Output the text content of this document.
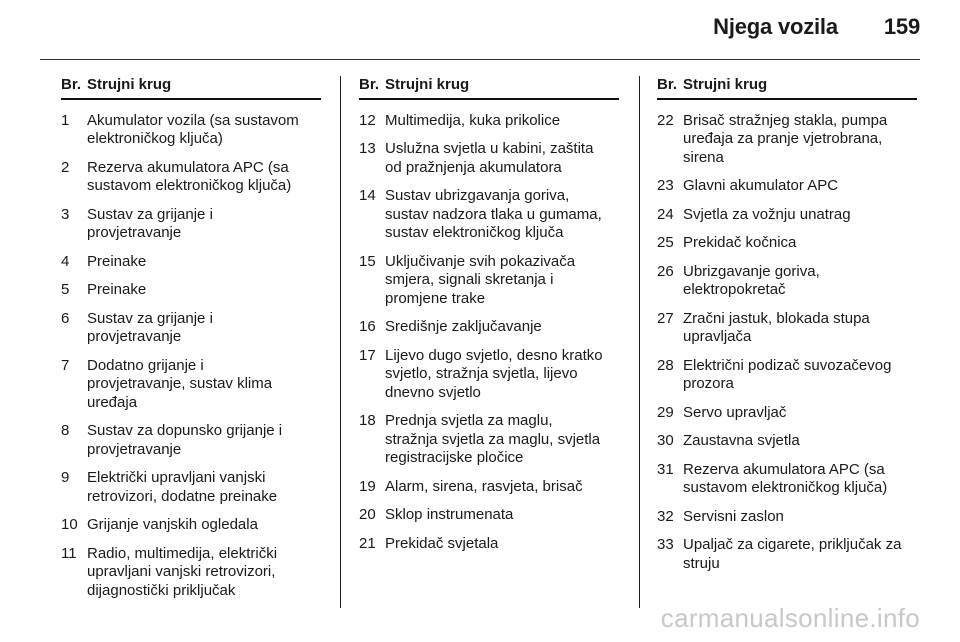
Njega vozila 159
Br. Strujni krug
1	Akumulator vozila (sa sustavom
elektroničkog ključa)
2	Rezerva akumulatora APC (sa
sustavom elektroničkog ključa)
3	Sustav za grijanje i
provjetravanje
4	Preinake
5	Preinake
6	Sustav za grijanje i
provjetravanje
7	Dodatno grijanje i
provjetravanje, sustav klima
uređaja
8	Sustav za dopunsko grijanje i
provjetravanje
9	Električki upravljani vanjski
retrovizori, dodatne preinake
10 Grijanje vanjskih ogledala
11 Radio, multimedija, električki
upravljani vanjski retrovizori,
dijagnostički priključak
Br. Strujni krug
12 Multimedija, kuka prikolice
13 Uslužna svjetla u kabini, zaštita
od pražnjenja akumulatora
14 Sustav ubrizgavanja goriva,
sustav nadzora tlaka u gumama,
sustav elektroničkog ključa
15 Uključivanje svih pokazivača
smjera, signali skretanja i
promjene trake
16 Središnje zaključavanje
17 Lijevo dugo svjetlo, desno kratko
svjetlo, stražnja svjetla, lijevo
dnevno svjetlo
18 Prednja svjetla za maglu,
stražnja svjetla za maglu, svjetla
registracijske pločice
19 Alarm, sirena, rasvjeta, brisač
20 Sklop instrumenata
21 Prekidač svjetala
Br. Strujni krug
22 Brisač stražnjeg stakla, pumpa
uređaja za pranje vjetrobrana,
sirena
23 Glavni akumulator APC
24 Svjetla za vožnju unatrag
25 Prekidač kočnica
26 Ubrizgavanje goriva,
elektropokretač
27 Zračni jastuk, blokada stupa
upravljača
28 Električni podizač suvozačevog
prozora
29 Servo upravljač
30 Zaustavna svjetla
31 Rezerva akumulatora APC (sa
sustavom elektroničkog ključa)
32 Servisni zaslon
33 Upaljač za cigarete, priključak za
struju
carmanualsonline.info
